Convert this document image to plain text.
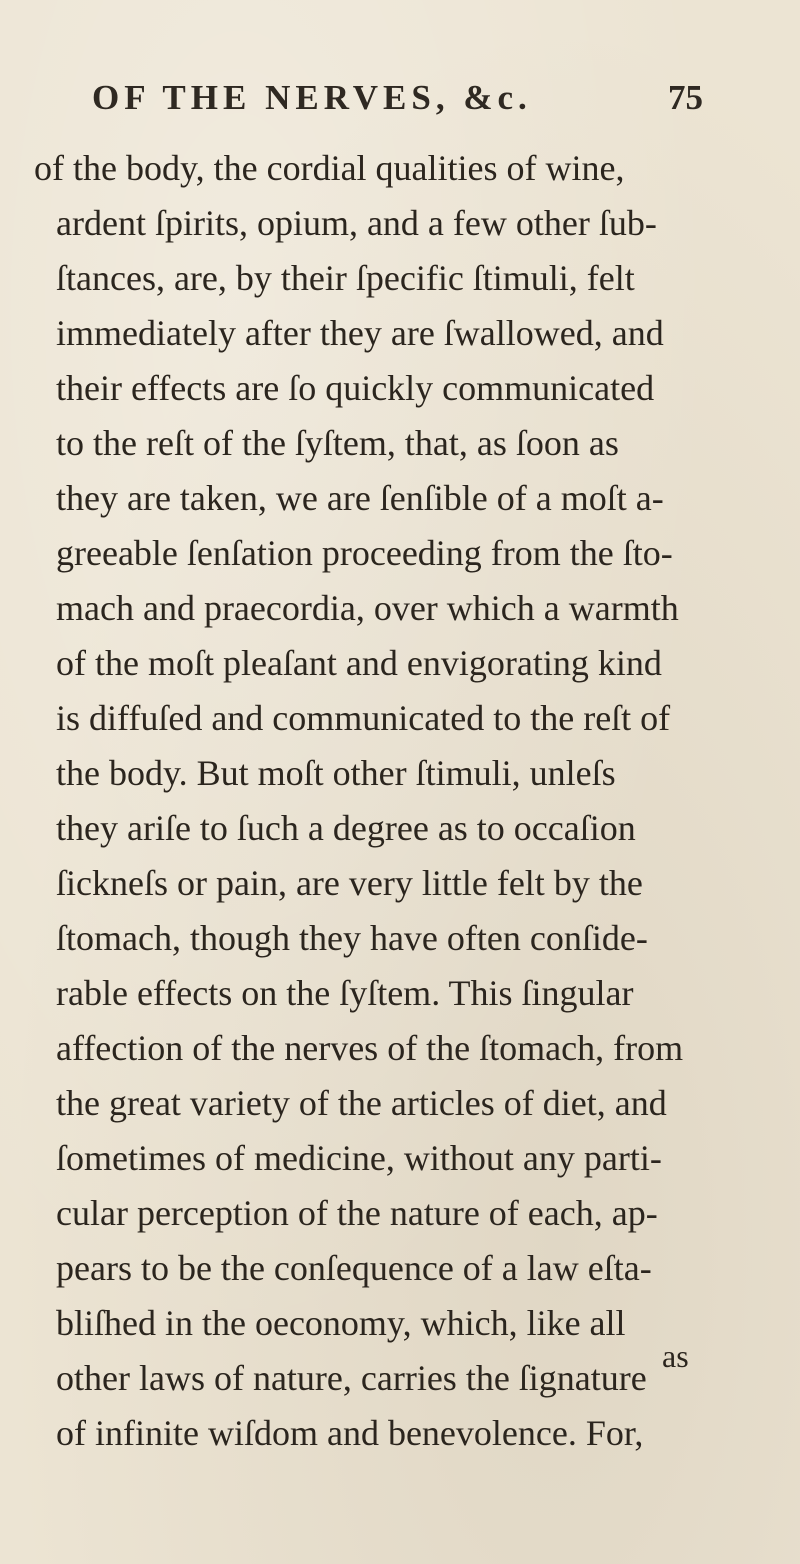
OF THE NERVES, &c.	75
of the body, the cordial qualities of wine,
ardent ſpirits, opium, and a few other ſub-
ſtances, are, by their ſpecific ſtimuli, felt
immediately after they are ſwallowed, and
their effects are ſo quickly communicated
to the reſt of the ſyſtem, that, as ſoon as
they are taken, we are ſenſible of a moſt a-
greeable ſenſation proceeding from the ſto-
mach and praecordia, over which a warmth
of the moſt pleaſant and envigorating kind
is diffuſed and communicated to the reſt of
the body. But moſt other ſtimuli, unleſs
they ariſe to ſuch a degree as to occaſion
ſickneſs or pain, are very little felt by the
ſtomach, though they have often conſide-
rable effects on the ſyſtem. This ſingular
affection of the nerves of the ſtomach, from
the great variety of the articles of diet, and
ſometimes of medicine, without any parti-
cular perception of the nature of each, ap-
pears to be the conſequence of a law eſta-
bliſhed in the oeconomy, which, like all
other laws of nature, carries the ſignature
of infinite wiſdom and benevolence. For,
as
